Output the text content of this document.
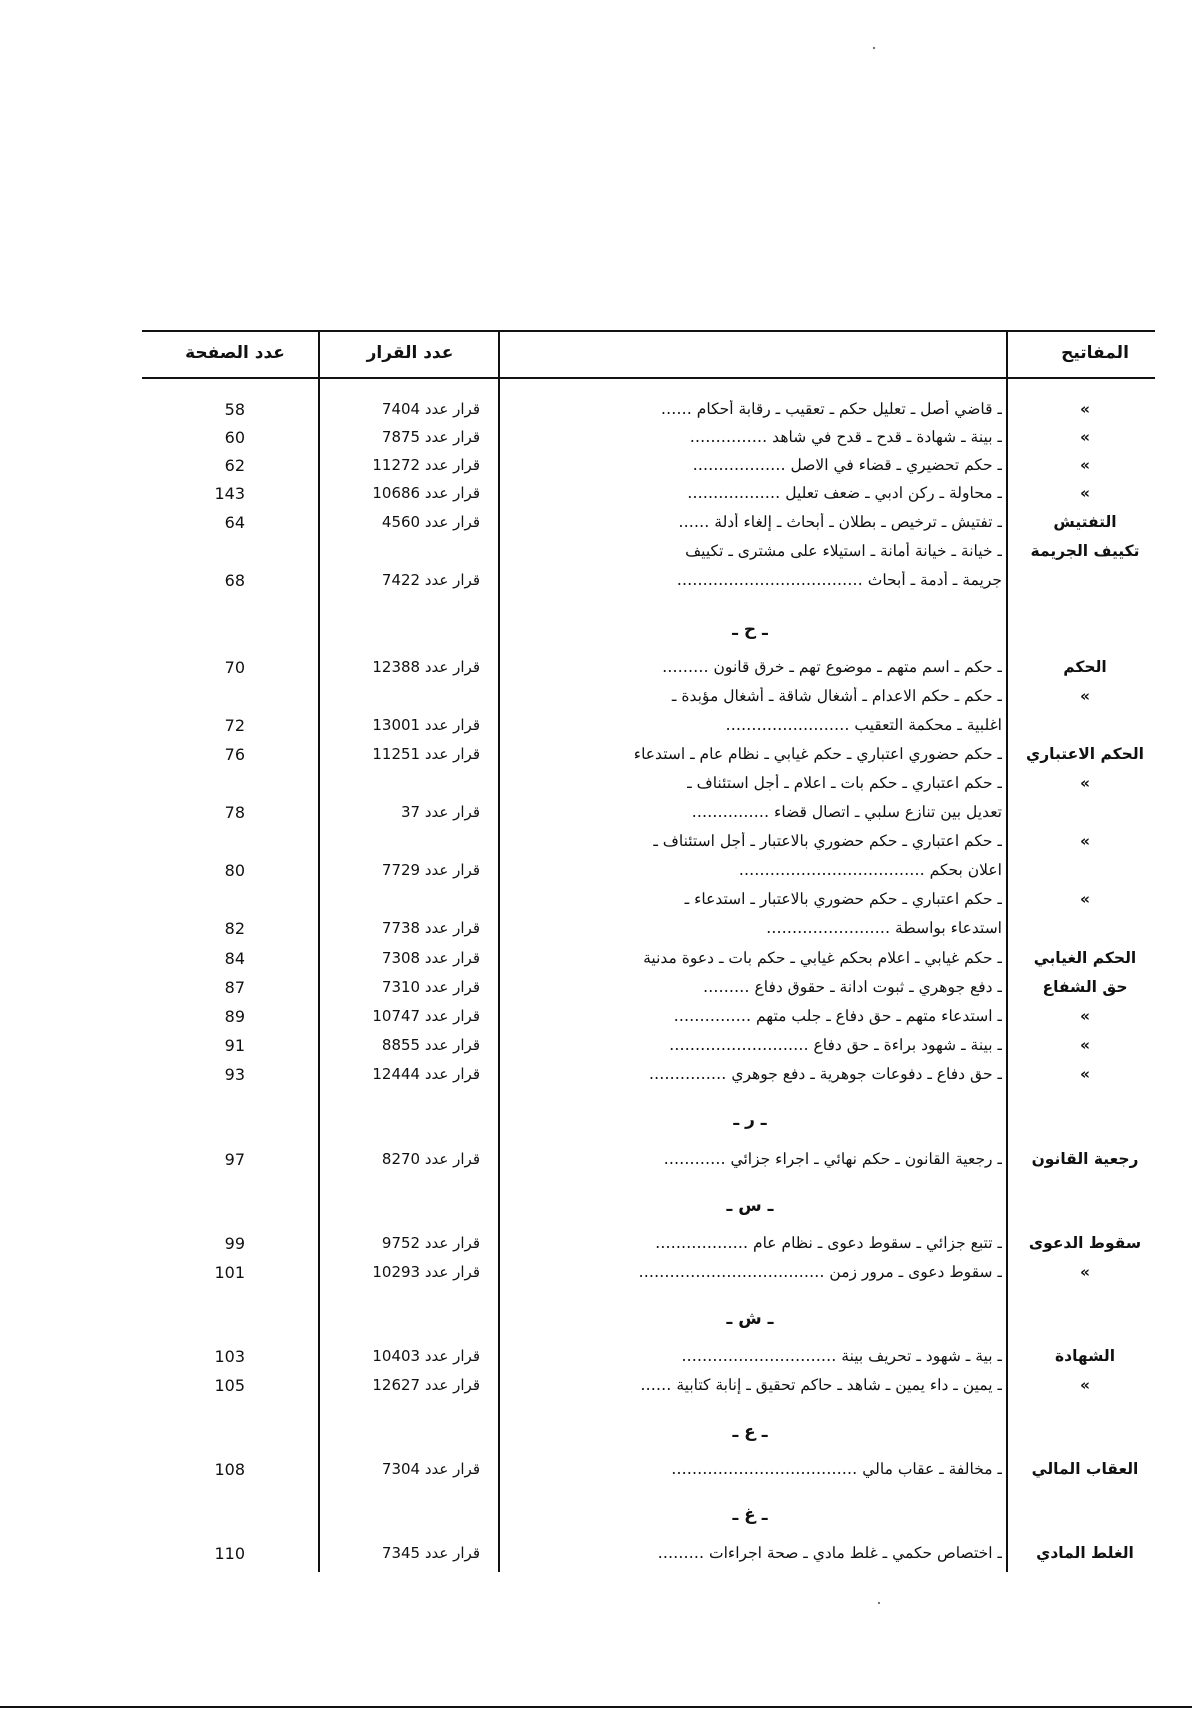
عدد الصفحة	عدد القرار	المفاتيح
»
ـ قاضي أصل ـ تعليل حكم ـ تعقيب ـ رقابة أحكام ……
قرار عدد 7404
58
»
ـ بينة ـ شهادة ـ قدح ـ قدح في شاهد ……………
قرار عدد 7875
60
»
ـ حكم تحضيري ـ قضاء في الاصل ………………
قرار عدد 11272
62
»
ـ محاولة ـ ركن ادبي ـ ضعف تعليل ………………
قرار عدد 10686
143
التفتيش
ـ تفتيش ـ ترخيص ـ بطلان ـ أبحاث ـ إلغاء أدلة ……
قرار عدد 4560
64
تكييف الجريمة
ـ خيانة ـ خيانة أمانة ـ استيلاء على مشترى ـ تكييف
جريمة ـ أدمة ـ أبحاث ………………………………
قرار عدد 7422
68
ـ ح ـ
الحكم
ـ حكم ـ اسم متهم ـ موضوع تهم ـ خرق قانون ………
قرار عدد 12388
70
»
ـ حكم ـ حكم الاعدام ـ أشغال شاقة ـ أشغال مؤبدة ـ
اغلبية ـ محكمة التعقيب ……………………
قرار عدد 13001
72
الحكم الاعتباري
ـ حكم حضوري اعتباري ـ حكم غيابي ـ نظام عام ـ استدعاء
قرار عدد 11251
76
»
ـ حكم اعتباري ـ حكم بات ـ اعلام ـ أجل استئناف ـ
تعديل بين تنازع سلبي ـ اتصال قضاء ……………
قرار عدد 37
78
»
ـ حكم اعتباري ـ حكم حضوري بالاعتبار ـ أجل استئناف ـ
اعلان بحكم ………………………………
قرار عدد 7729
80
»
ـ حكم اعتباري ـ حكم حضوري بالاعتبار ـ استدعاء ـ
استدعاء بواسطة ……………………
قرار عدد 7738
82
الحكم الغيابي
ـ حكم غيابي ـ اعلام بحكم غيابي ـ حكم بات ـ دعوة مدنية
قرار عدد 7308
84
حق الشفاع
ـ دفع جوهري ـ ثبوت ادانة ـ حقوق دفاع ………
قرار عدد 7310
87
»
ـ استدعاء متهم ـ حق دفاع ـ جلب متهم ……………
قرار عدد 10747
89
»
ـ بينة ـ شهود براءة ـ حق دفاع ………………………
قرار عدد 8855
91
»
ـ حق دفاع ـ دفوعات جوهرية ـ دفع جوهري ……………
قرار عدد 12444
93
ـ ر ـ
رجعية القانون
ـ رجعية القانون ـ حكم نهائي ـ اجراء جزائي …………
قرار عدد 8270
97
ـ س ـ
سقوط الدعوى
ـ تتبع جزائي ـ سقوط دعوى ـ نظام عام ………………
قرار عدد 9752
99
»
ـ سقوط دعوى ـ مرور زمن ………………………………
قرار عدد 10293
101
ـ ش ـ
الشهادة
ـ بية ـ شهود ـ تحريف بينة …………………………
قرار عدد 10403
103
»
ـ يمين ـ داء يمين ـ شاهد ـ حاكم تحقيق ـ إنابة كتابية ……
قرار عدد 12627
105
ـ ع ـ
العقاب المالي
ـ مخالفة ـ عقاب مالي ………………………………
قرار عدد 7304
108
ـ غ ـ
الغلط المادي
ـ اختصاص حكمي ـ غلط مادي ـ صحة اجراءات ………
قرار عدد 7345
110
